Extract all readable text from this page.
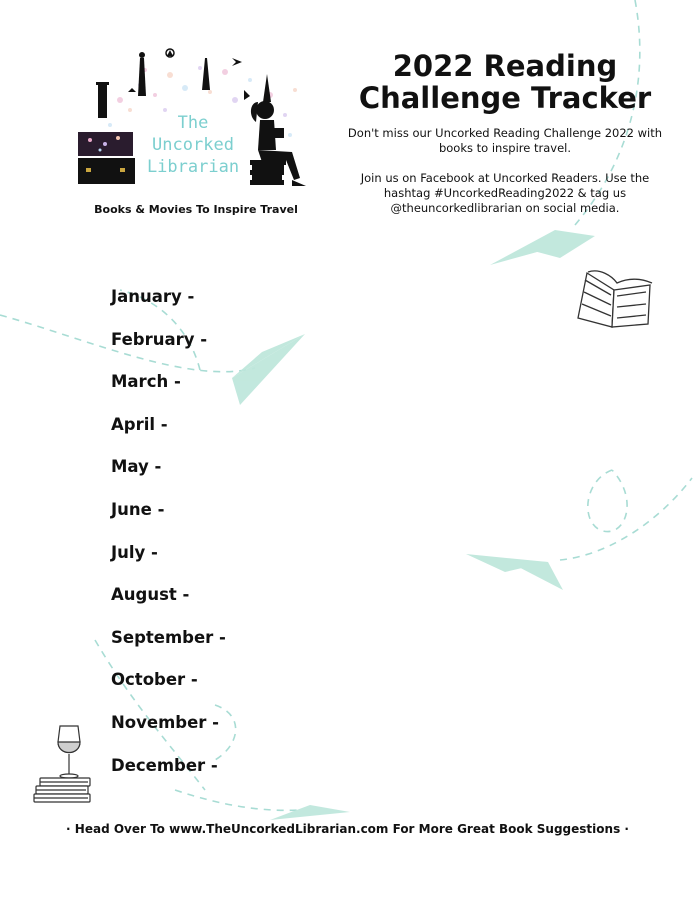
The
Uncorked
Librarian
Books & Movies To Inspire Travel
2022 Reading
Challenge Tracker

Don't miss our Uncorked Reading Challenge 2022 with books to inspire travel.

Join us on Facebook at Uncorked Readers. Use the hashtag #UncorkedReading2022 & tag us @theuncorkedlibrarian on social media.

January -
February -
March -
April -
May -
June -
July -
August -
September -
October -
November -
December -
· Head Over To www.TheUncorkedLibrarian.com For More Great Book Suggestions ·
